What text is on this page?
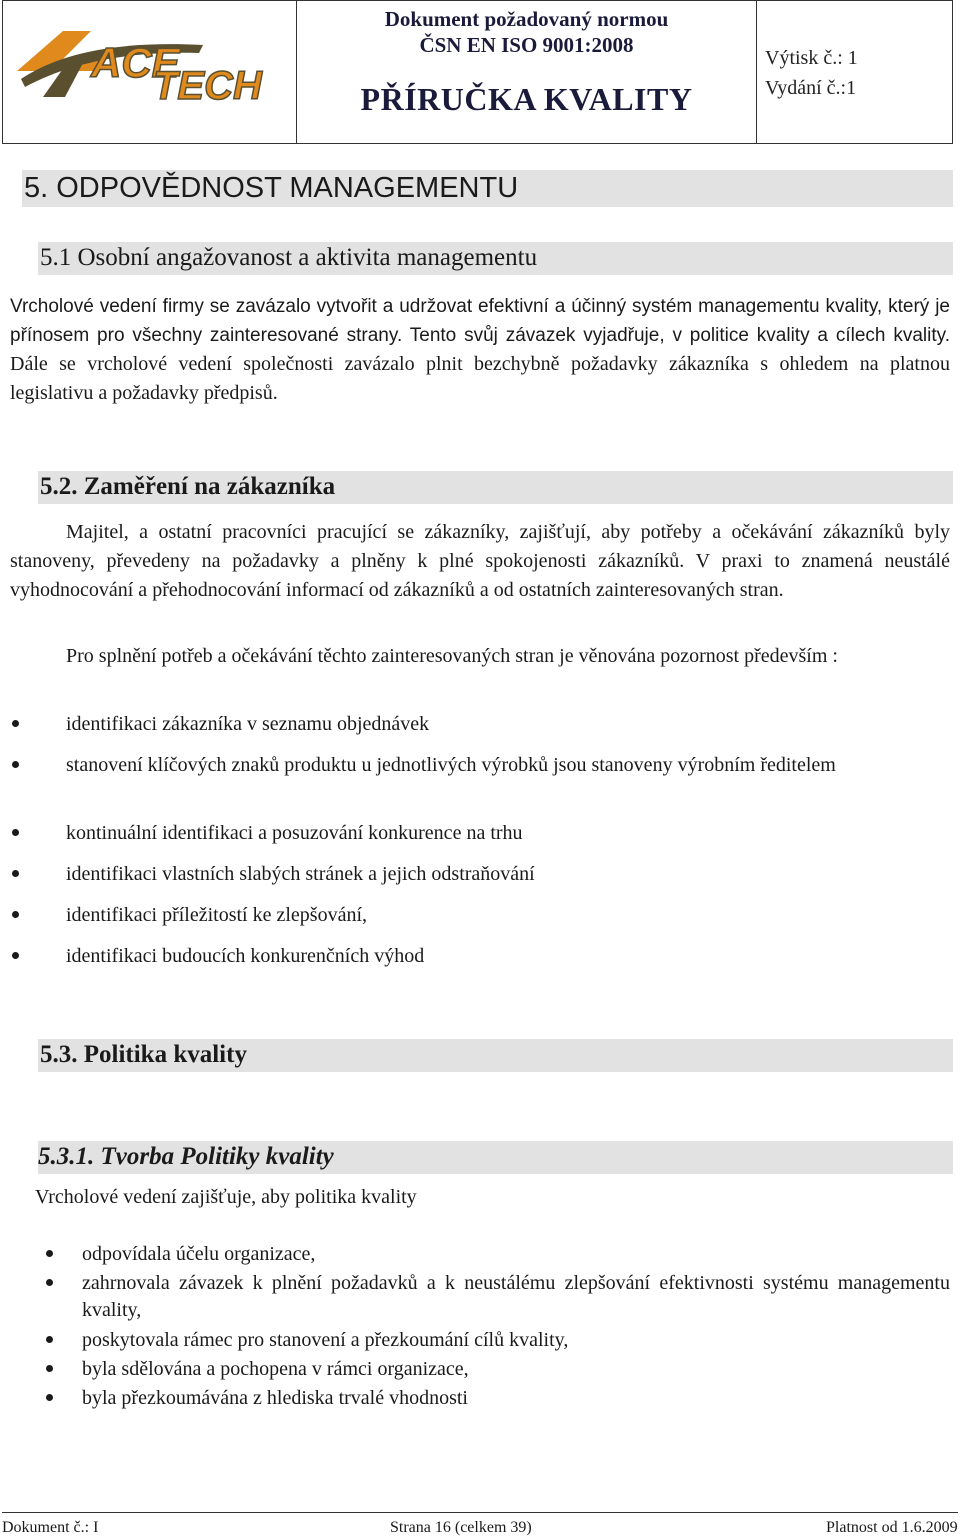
ACE
TECH
Dokument požadovaný normou
ČSN EN ISO 9001:2008
PŘÍRUČKA KVALITY
Výtisk č.: 1
Vydání č.:1
5. ODPOVĚDNOST MANAGEMENTU
5.1 Osobní angažovanost a aktivita managementu
Vrcholové vedení firmy se zavázalo vytvořit a udržovat efektivní a účinný systém managementu kvality, který je přínosem pro všechny zainteresované strany. Tento svůj závazek vyjadřuje, v politice kvality a cílech kvality. Dále se vrcholové vedení společnosti zavázalo plnit bezchybně požadavky zákazníka s ohledem na platnou legislativu a požadavky předpisů.
5.2. Zaměření na zákazníka
Majitel, a ostatní pracovníci pracující se zákazníky, zajišťují, aby potřeby a očekávání zákazníků byly stanoveny, převedeny na požadavky a plněny k plné spokojenosti zákazníků. V praxi to znamená neustálé vyhodnocování a přehodnocování informací od zákazníků a od ostatních zainteresovaných stran.
Pro splnění potřeb a očekávání těchto zainteresovaných stran je věnována pozornost především :
identifikaci zákazníka v seznamu objednávek
stanovení klíčových znaků produktu u jednotlivých výrobků jsou stanoveny výrobním ředitelem
kontinuální identifikaci a posuzování konkurence na trhu
identifikaci vlastních slabých stránek a jejich odstraňování
identifikaci příležitostí ke zlepšování,
identifikaci budoucích konkurenčních výhod
5.3. Politika kvality
5.3.1. Tvorba Politiky kvality
Vrcholové vedení zajišťuje, aby politika kvality
odpovídala účelu organizace,
zahrnovala závazek k plnění požadavků a k neustálému zlepšování efektivnosti systému managementu kvality,
poskytovala rámec pro stanovení a přezkoumání cílů kvality,
byla sdělována a pochopena v rámci organizace,
byla přezkoumávána z hlediska trvalé vhodnosti
Dokument č.: I	Strana 16 (celkem 39)	Platnost od 1.6.2009
